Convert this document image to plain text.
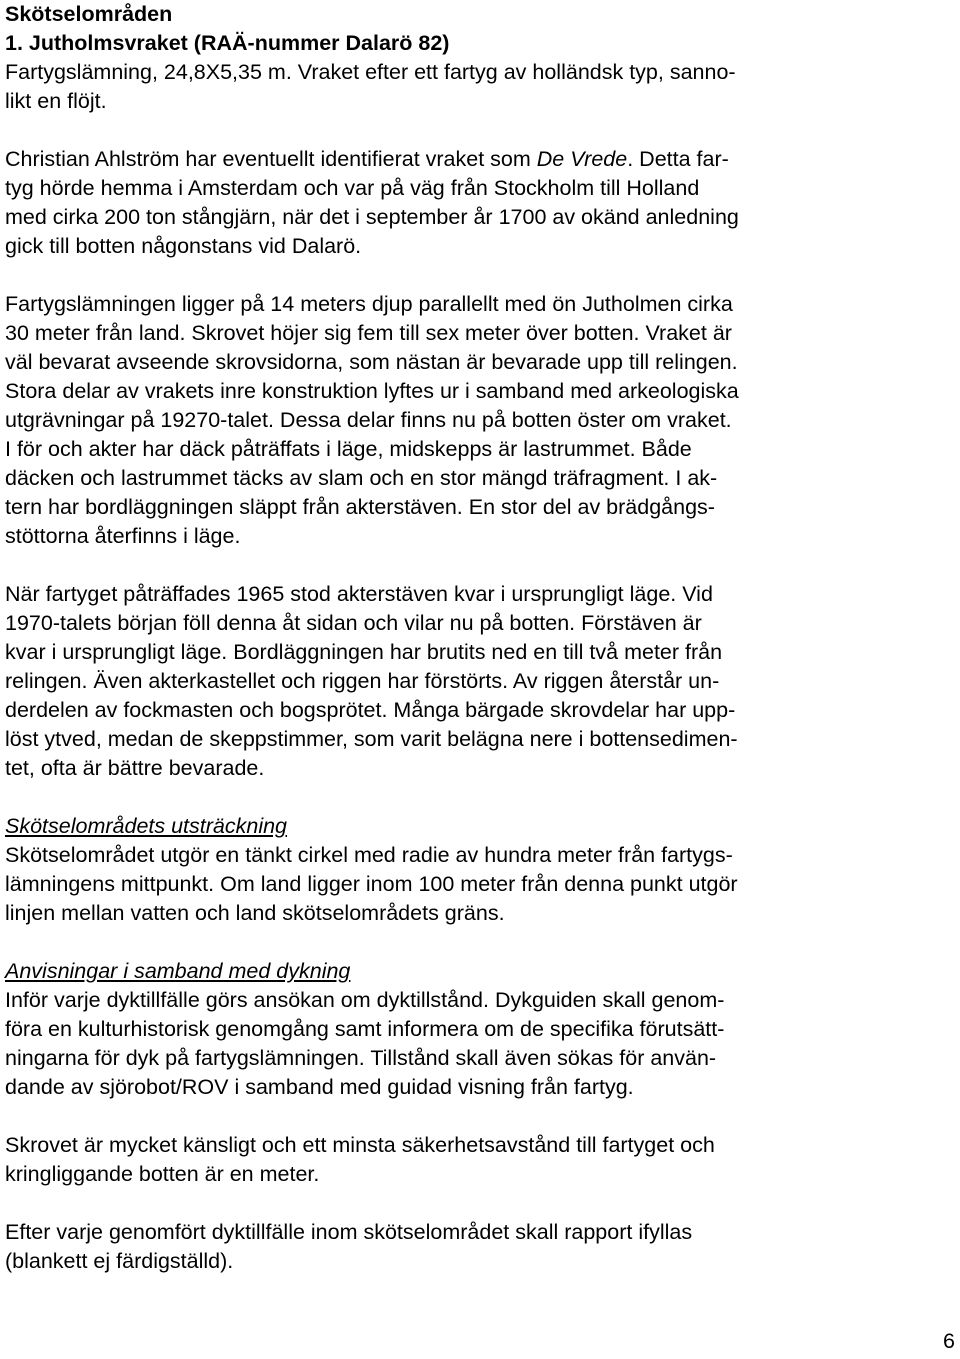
Skötselområden
1. Jutholmsvraket (RAÄ-nummer Dalarö 82)
Fartygslämning, 24,8X5,35 m. Vraket efter ett fartyg av holländsk typ, sanno-
likt en flöjt.
Christian Ahlström har eventuellt identifierat vraket som De Vrede. Detta far-
tyg hörde hemma i Amsterdam och var på väg från Stockholm till Holland
med cirka 200 ton stångjärn, när det i september år 1700 av okänd anledning
gick till botten någonstans vid Dalarö.
Fartygslämningen ligger på 14 meters djup parallellt med ön Jutholmen cirka
30 meter från land. Skrovet höjer sig fem till sex meter över botten. Vraket är
väl bevarat avseende skrovsidorna, som nästan är bevarade upp till relingen.
Stora delar av vrakets inre konstruktion lyftes ur i samband med arkeologiska
utgrävningar på 19270-talet. Dessa delar finns nu på botten öster om vraket.
I för och akter har däck påträffats i läge, midskepps är lastrummet. Både
däcken och lastrummet täcks av slam och en stor mängd träfragment. I ak-
tern har bordläggningen släppt från akterstäven. En stor del av brädgångs-
stöttorna återfinns i läge.
När fartyget påträffades 1965 stod akterstäven kvar i ursprungligt läge. Vid
1970-talets början föll denna åt sidan och vilar nu på botten. Förstäven är
kvar i ursprungligt läge. Bordläggningen har brutits ned en till två meter från
relingen. Även akterkastellet och riggen har förstörts. Av riggen återstår un-
derdelen av fockmasten och bogsprötet. Många bärgade skrovdelar har upp-
löst ytved, medan de skeppstimmer, som varit belägna nere i bottensedimen-
tet, ofta är bättre bevarade.
Skötselområdets utsträckning
Skötselområdet utgör en tänkt cirkel med radie av hundra meter från fartygs-
lämningens mittpunkt. Om land ligger inom 100 meter från denna punkt utgör
linjen mellan vatten och land skötselområdets gräns.
Anvisningar i samband med dykning
Inför varje dyktillfälle görs ansökan om dyktillstånd. Dykguiden skall genom-
föra en kulturhistorisk genomgång samt informera om de specifika förutsätt-
ningarna för dyk på fartygslämningen. Tillstånd skall även sökas för använ-
dande av sjörobot/ROV i samband med guidad visning från fartyg.
Skrovet är mycket känsligt och ett minsta säkerhetsavstånd till fartyget och
kringliggande botten är en meter.
Efter varje genomfört dyktillfälle inom skötselområdet skall rapport ifyllas
(blankett ej färdigställd).
6
